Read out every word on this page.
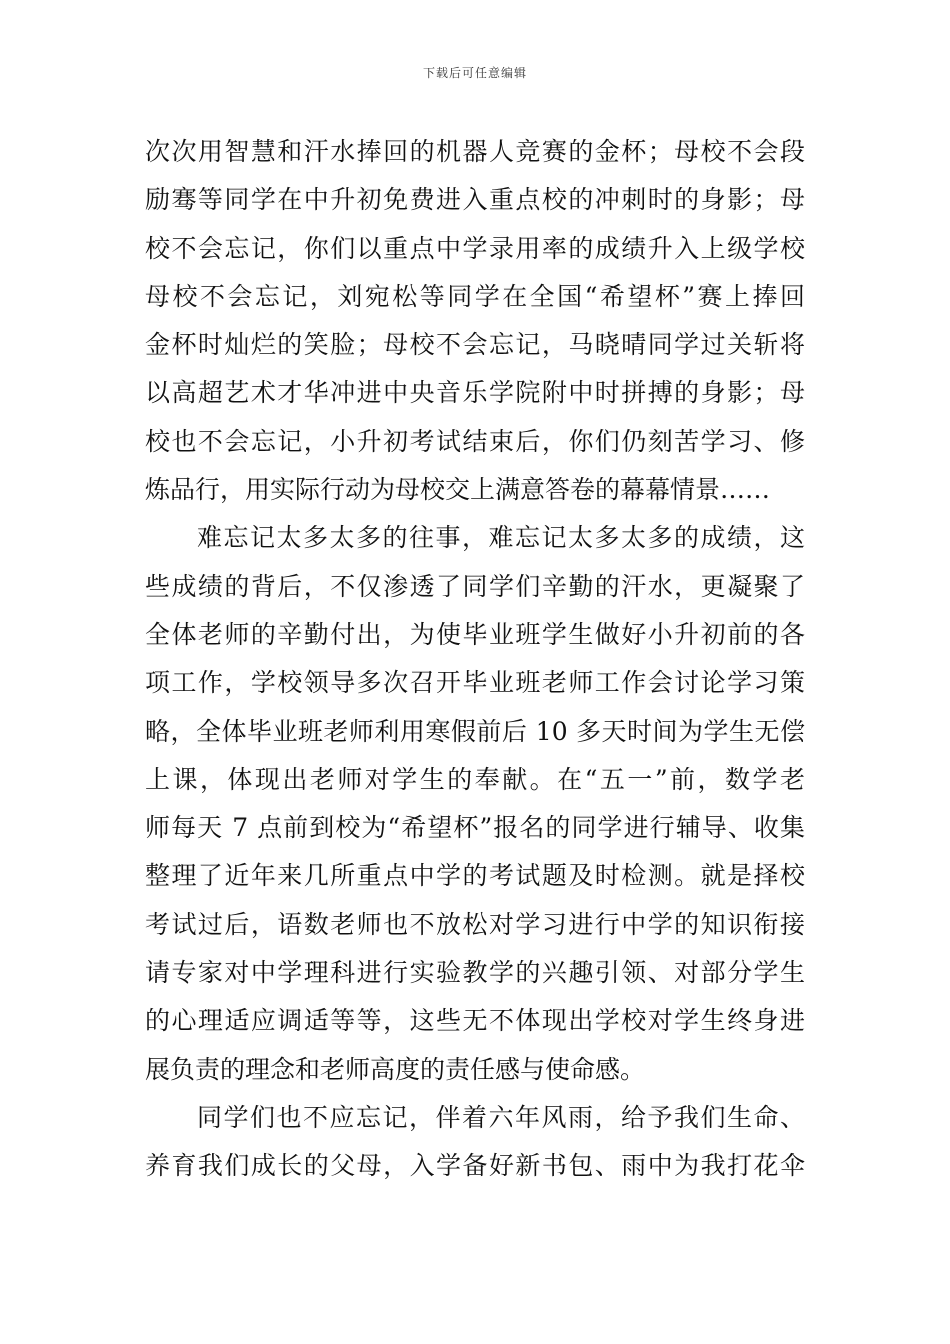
下载后可任意编辑
次次用智慧和汗水捧回的机器人竞赛的金杯；母校不会段
励骞等同学在中升初免费进入重点校的冲刺时的身影；母
校不会忘记，你们以重点中学录用率的成绩升入上级学校
母校不会忘记，刘宛松等同学在全国“希望杯”赛上捧回
金杯时灿烂的笑脸；母校不会忘记，马晓晴同学过关斩将
以高超艺术才华冲进中央音乐学院附中时拼搏的身影；母
校也不会忘记，小升初考试结束后，你们仍刻苦学习、修
炼品行，用实际行动为母校交上满意答卷的幕幕情景……
难忘记太多太多的往事，难忘记太多太多的成绩，这
些成绩的背后，不仅渗透了同学们辛勤的汗水，更凝聚了
全体老师的辛勤付出，为使毕业班学生做好小升初前的各
项工作，学校领导多次召开毕业班老师工作会讨论学习策
略，全体毕业班老师利用寒假前后 10 多天时间为学生无偿
上课，体现出老师对学生的奉献。在“五一”前，数学老
师每天 7 点前到校为“希望杯”报名的同学进行辅导、收集
整理了近年来几所重点中学的考试题及时检测。就是择校
考试过后，语数老师也不放松对学习进行中学的知识衔接
请专家对中学理科进行实验教学的兴趣引领、对部分学生
的心理适应调适等等，这些无不体现出学校对学生终身进
展负责的理念和老师高度的责任感与使命感。
同学们也不应忘记，伴着六年风雨，给予我们生命、
养育我们成长的父母，入学备好新书包、雨中为我打花伞
